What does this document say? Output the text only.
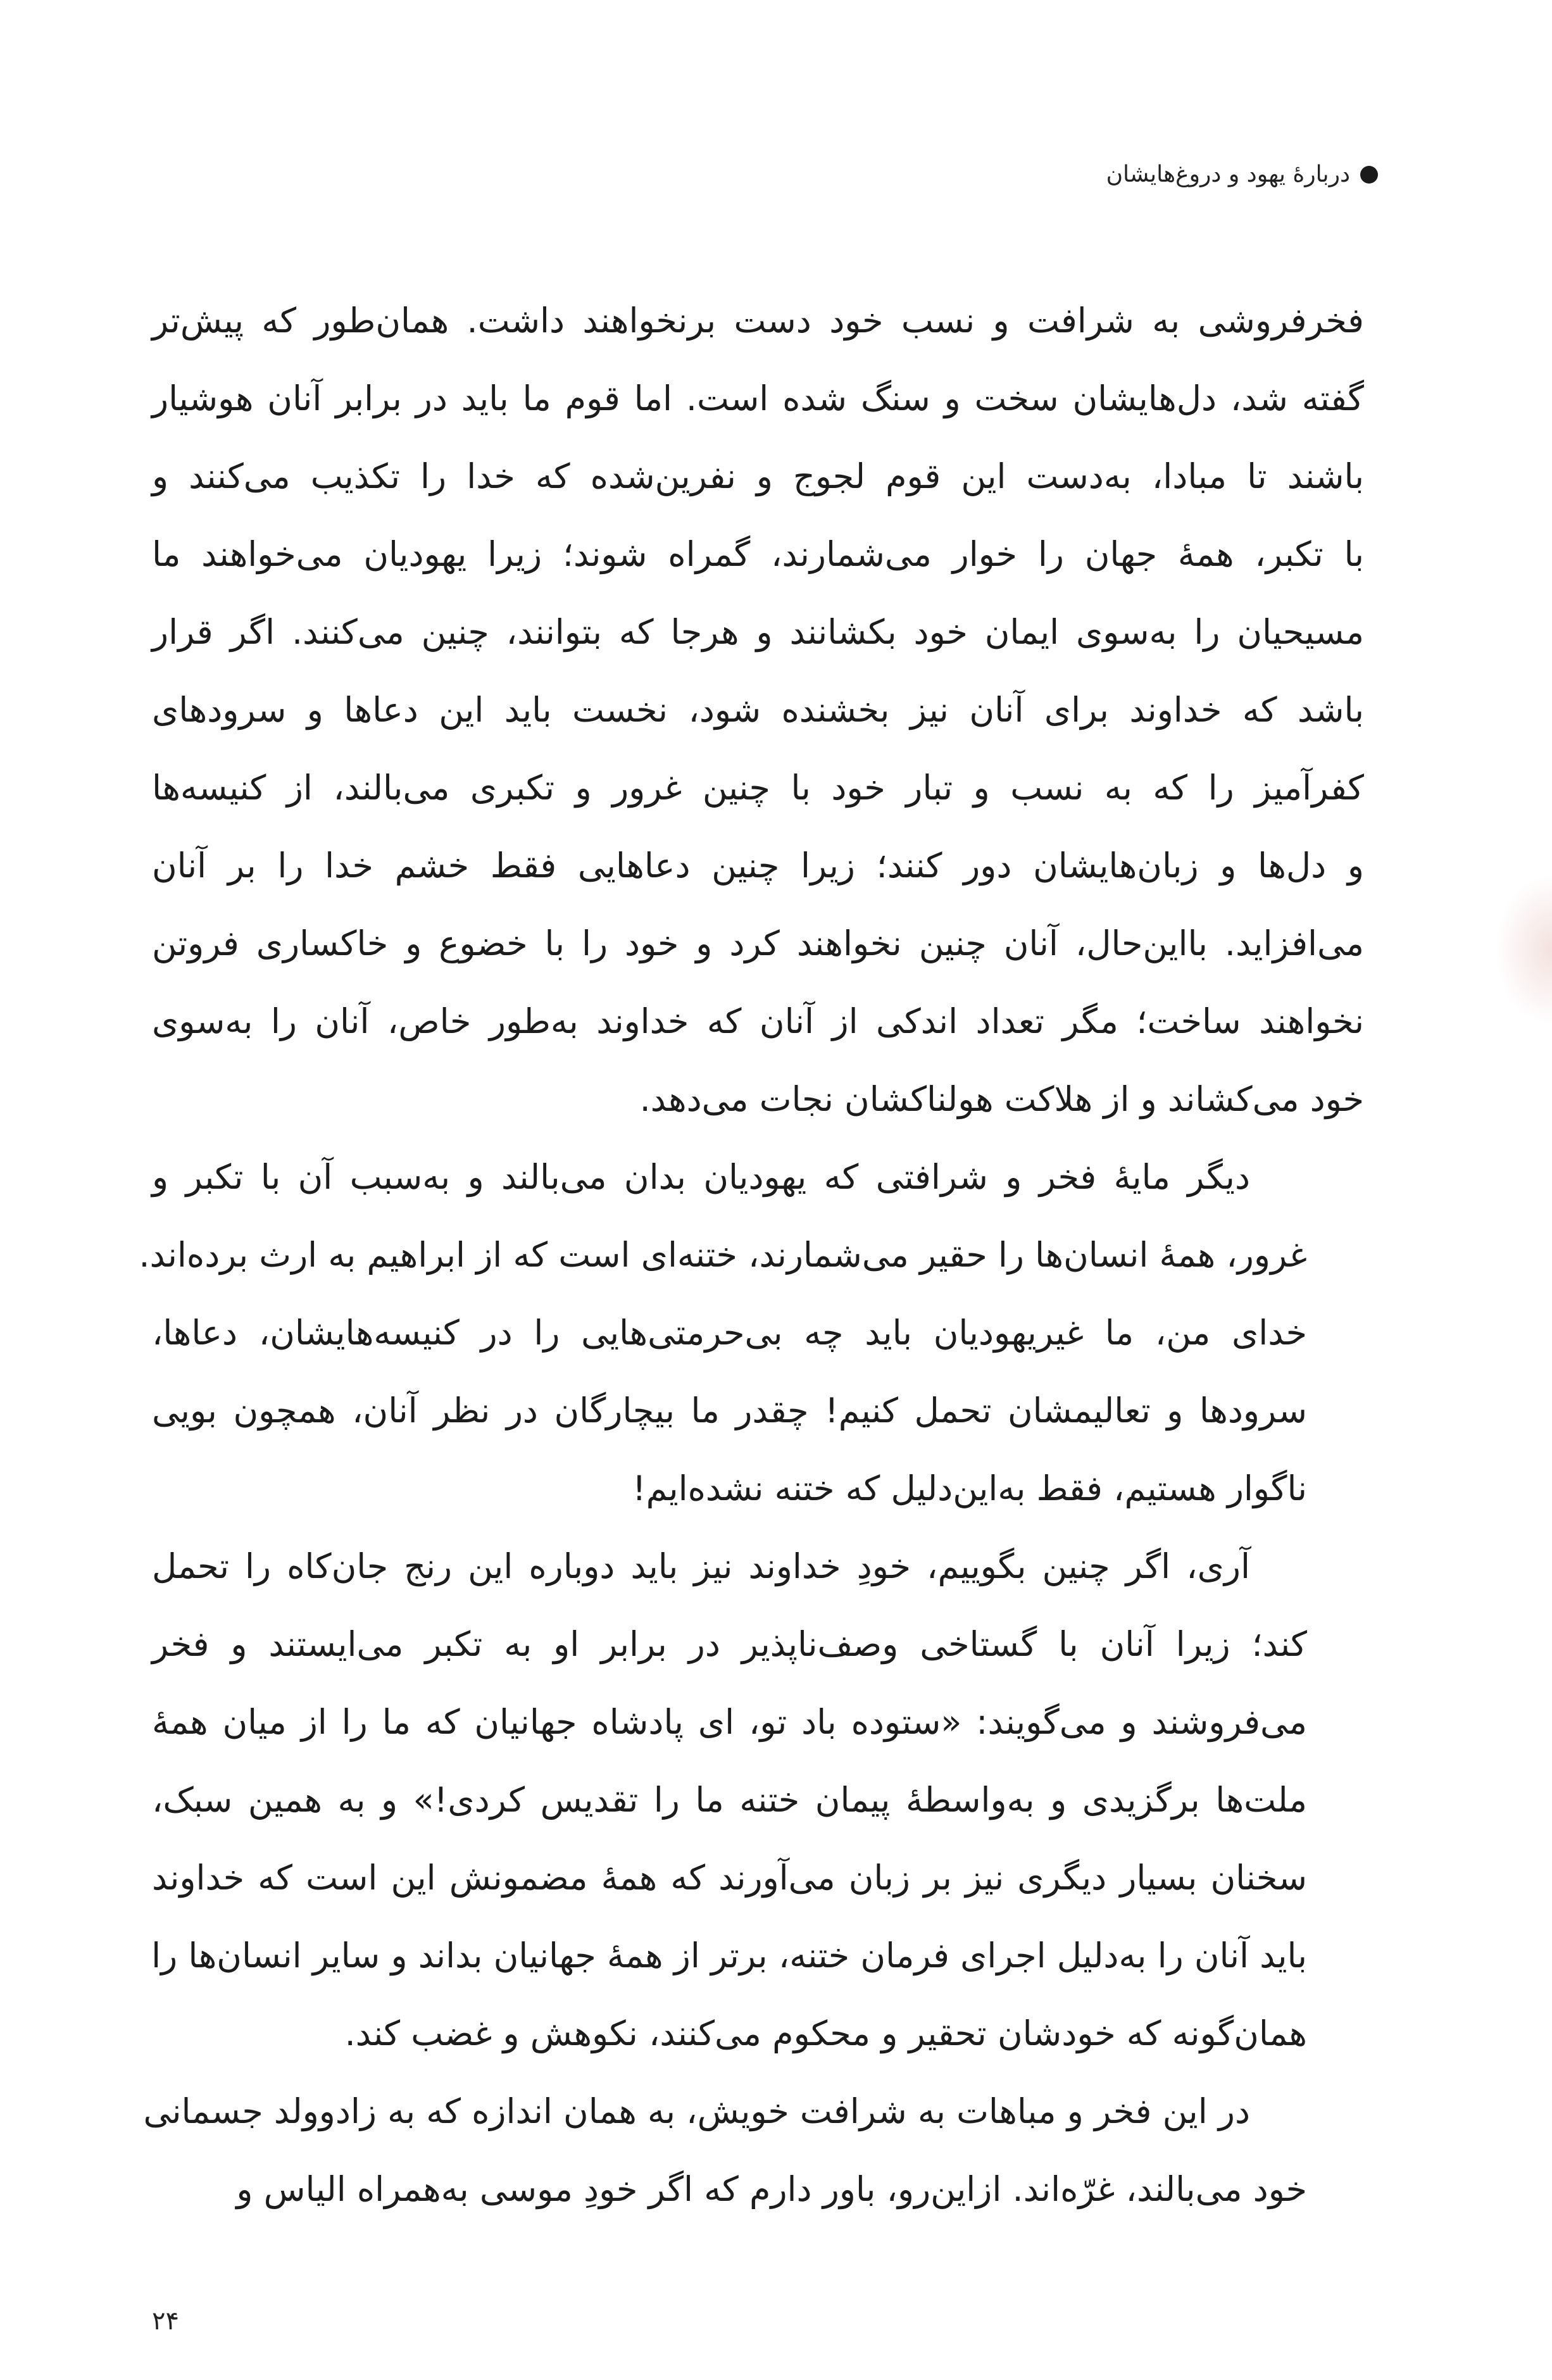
دربارۀ یهود و دروغ‌هایشان

فخرفروشی به شرافت و نسب خود دست برنخواهند داشت. همان‌طور که پیش‌تر
گفته شد، دل‌هایشان سخت و سنگ شده است. اما قوم ما باید در برابر آنان هوشیار
باشند تا مبادا، به‌دست این قوم لجوج و نفرین‌شده که خدا را تکذیب می‌کنند و
با تکبر، همۀ جهان را خوار می‌شمارند، گمراه شوند؛ زیرا یهودیان می‌خواهند ما
مسیحیان را به‌سوی ایمان خود بکشانند و هرجا که بتوانند، چنین می‌کنند. اگر قرار
باشد که خداوند برای آنان نیز بخشنده شود، نخست باید این دعاها و سرودهای
کفرآمیز را که به نسب و تبار خود با چنین غرور و تکبری می‌بالند، از کنیسه‌ها
و دل‌ها و زبان‌هایشان دور کنند؛ زیرا چنین دعاهایی فقط خشم خدا را بر آنان
می‌افزاید. بااین‌حال، آنان چنین نخواهند کرد و خود را با خضوع و خاکساری فروتن
نخواهند ساخت؛ مگر تعداد اندکی از آنان که خداوند به‌طور خاص، آنان را به‌سوی
خود می‌کشاند و از هلاکت هولناکشان نجات می‌دهد.

دیگر مایۀ فخر و شرافتی که یهودیان بدان می‌بالند و به‌سبب آن با تکبر و
غرور، همۀ انسان‌ها را حقیر می‌شمارند، ختنه‌ای است که از ابراهیم به ارث برده‌اند.
خدای من، ما غیریهودیان باید چه بی‌حرمتی‌هایی را در کنیسه‌هایشان، دعاها،
سرودها و تعالیمشان تحمل کنیم! چقدر ما بیچارگان در نظر آنان، همچون بویی
ناگوار هستیم، فقط به‌این‌دلیل که ختنه نشده‌ایم!

آری، اگر چنین بگوییم، خودِ خداوند نیز باید دوباره این رنج جان‌کاه را تحمل
کند؛ زیرا آنان با گستاخی وصف‌ناپذیر در برابر او به تکبر می‌ایستند و فخر
می‌فروشند و می‌گویند: «ستوده باد تو، ای پادشاه جهانیان که ما را از میان همۀ
ملت‌ها برگزیدی و به‌واسطۀ پیمان ختنه ما را تقدیس کردی!» و به همین سبک،
سخنان بسیار دیگری نیز بر زبان می‌آورند که همۀ مضمونش این است که خداوند
باید آنان را به‌دلیل اجرای فرمان ختنه، برتر از همۀ جهانیان بداند و سایر انسان‌ها را
همان‌گونه که خودشان تحقیر و محکوم می‌کنند، نکوهش و غضب کند.

در این فخر و مباهات به شرافت خویش، به همان اندازه که به زادوولد جسمانی
خود می‌بالند، غرّه‌اند. ازاین‌رو، باور دارم که اگر خودِ موسی به‌همراه الیاس و

۲۴
